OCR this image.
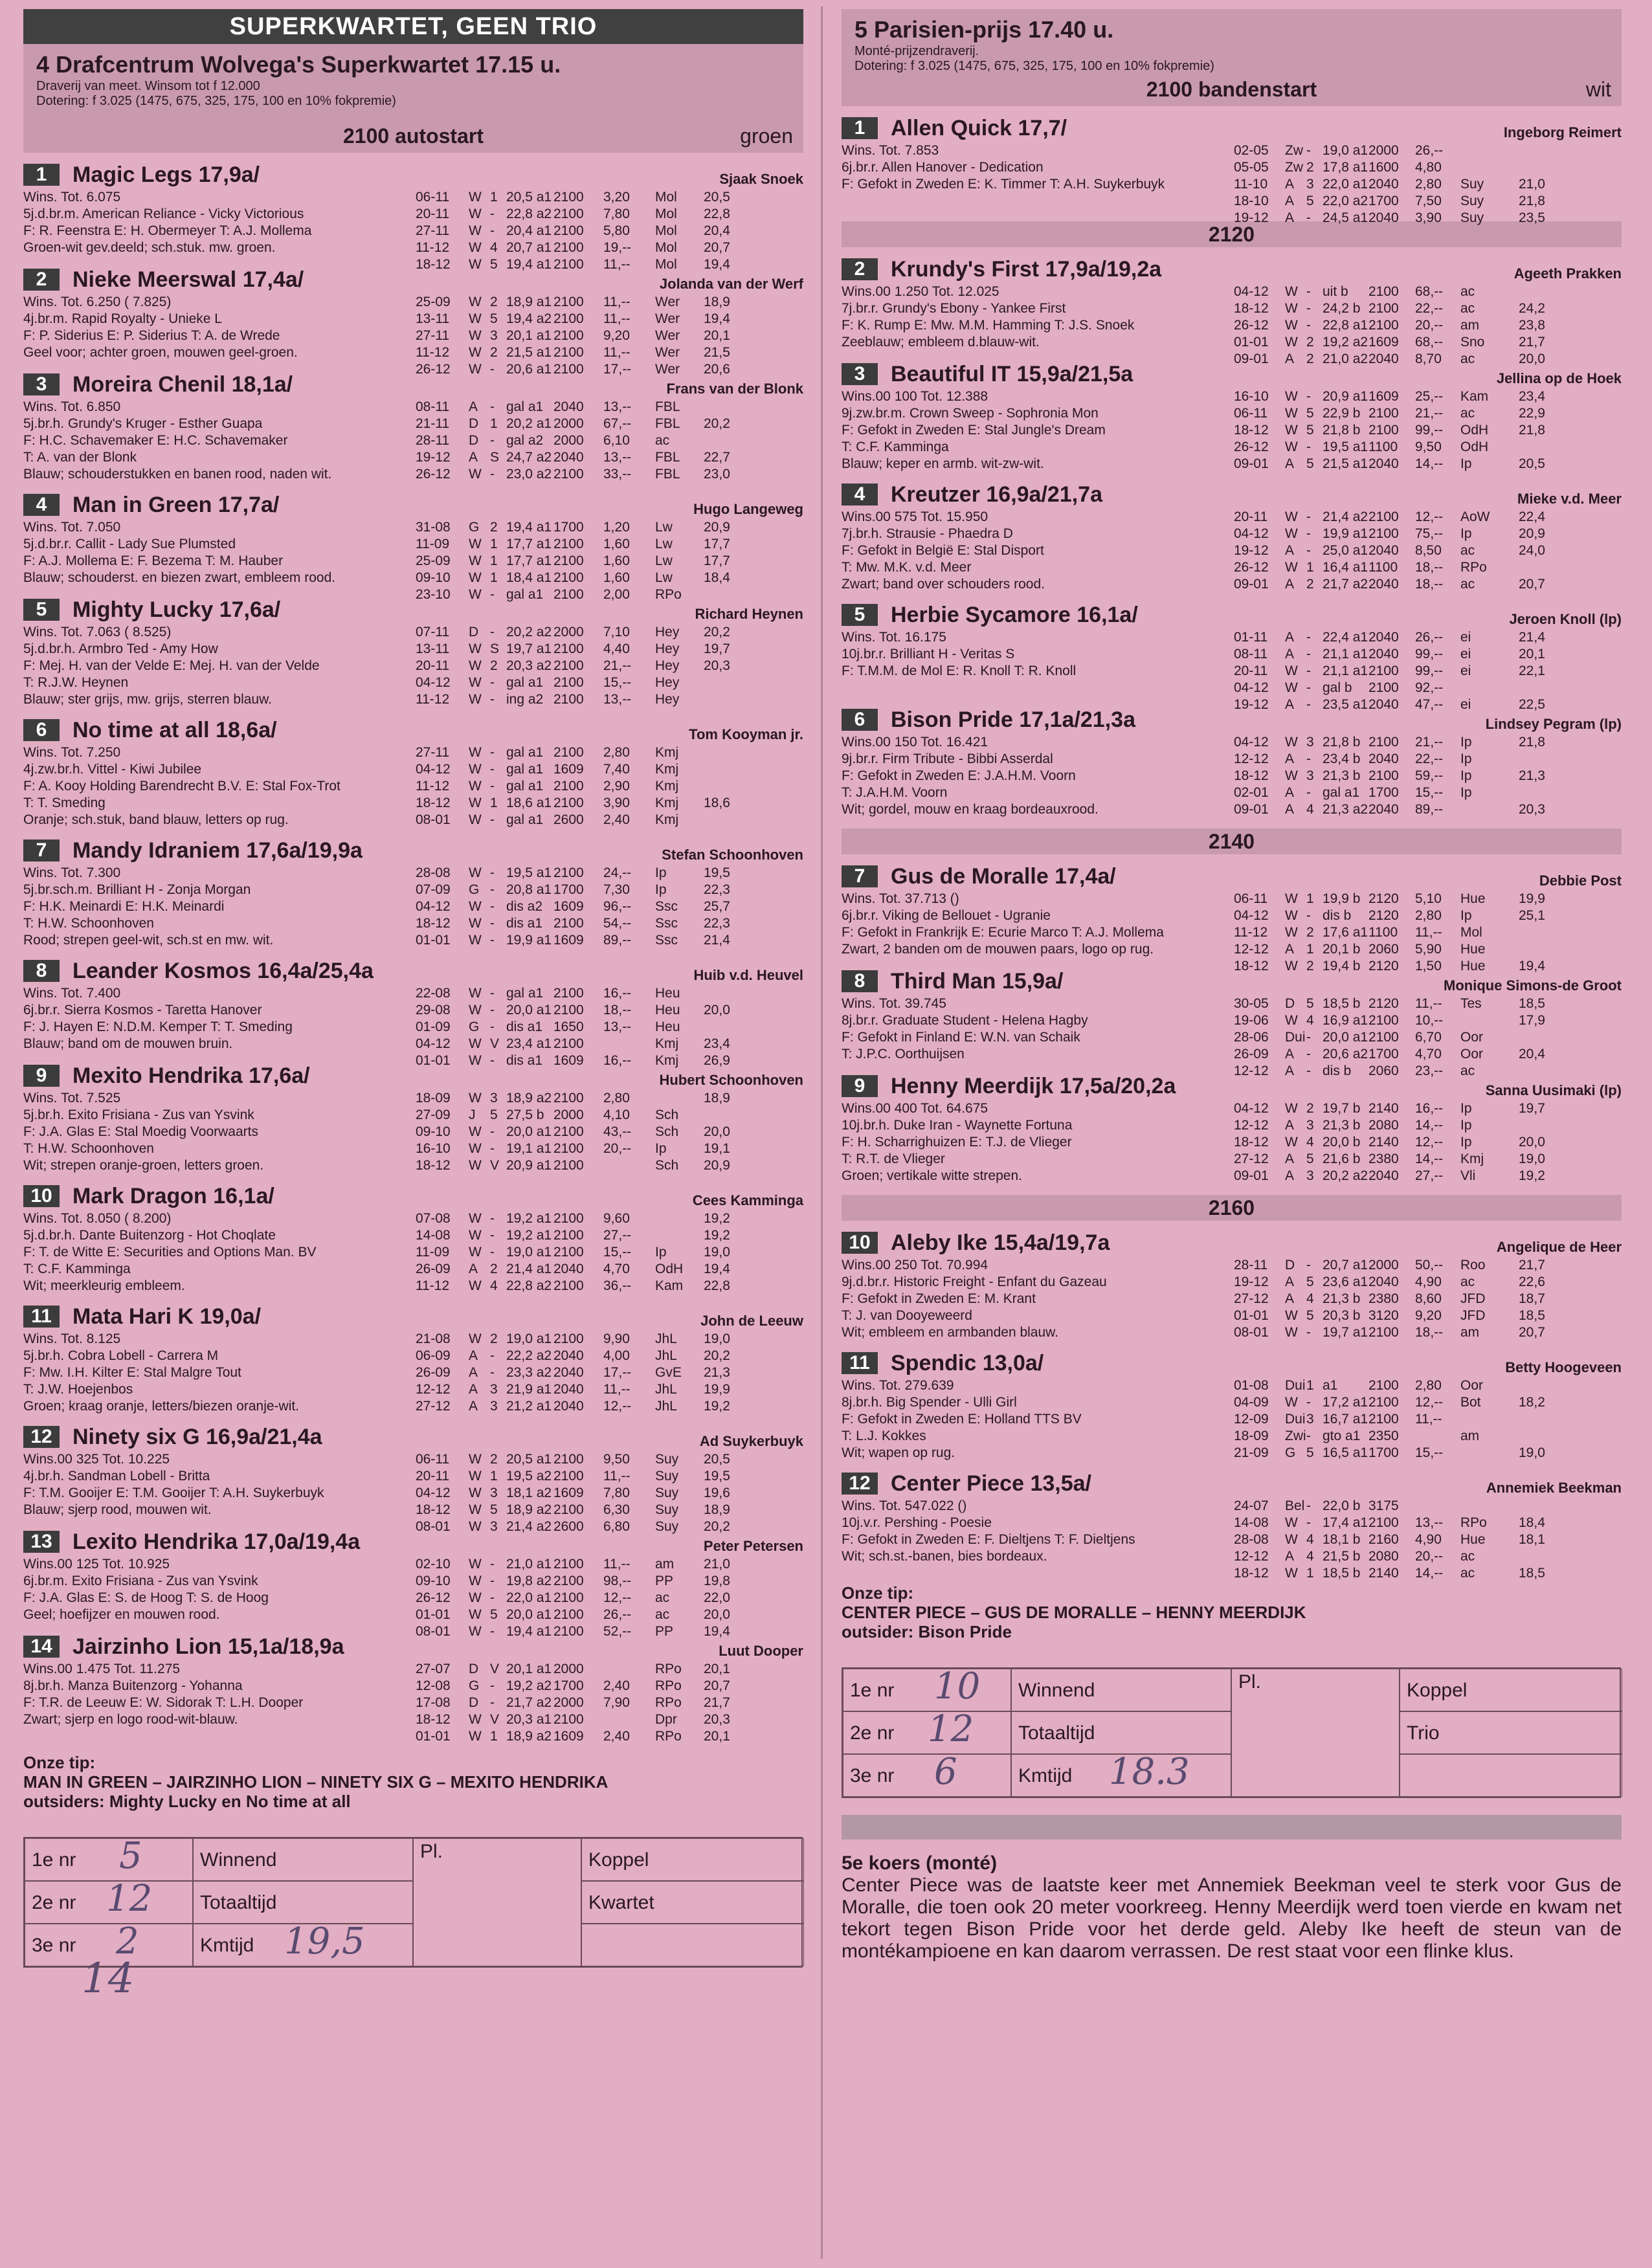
SUPERKWARTET, GEEN TRIO
4 Drafcentrum Wolvega's Superkwartet 17.15 u.
Draverij van meet. Winsom tot f 12.000
Dotering: f 3.025 (1475, 675, 325, 175, 100 en 10% fokpremie)
2100 autostart	groen
1 Magic Legs 17,9a/	Sjaak Snoek
Wins. Tot. 6.075
5j.d.br.m. American Reliance - Vicky Victorious
F: R. Feenstra E: H. Obermeyer T: A.J. Mollema
Groen-wit gev.deeld; sch.stuk. mw. groen.
06-11 W 1 20,5 a1 2100 3,20 Mol 20,5
20-11 W - 22,8 a2 2100 7,80 Mol 22,8
27-11 W - 20,4 a1 2100 5,80 Mol 20,4
11-12 W 4 20,7 a1 2100 19,-- Mol 20,7
18-12 W 5 19,4 a1 2100 11,-- Mol 19,4
2 Nieke Meerswal 17,4a/	Jolanda van der Werf
Wins. Tot. 6.250 ( 7.825)
4j.br.m. Rapid Royalty - Unieke L
F: P. Siderius E: P. Siderius T: A. de Wrede
Geel voor; achter groen, mouwen geel-groen.
25-09 W 2 18,9 a1 2100 11,-- Wer 18,9
13-11 W 5 19,4 a2 2100 11,-- Wer 19,4
27-11 W 3 20,1 a1 2100 9,20 Wer 20,1
11-12 W 2 21,5 a1 2100 11,-- Wer 21,5
26-12 W - 20,6 a1 2100 17,-- Wer 20,6
3 Moreira Chenil 18,1a/	Frans van der Blonk
Wins. Tot. 6.850
5j.br.h. Grundy's Kruger - Esther Guapa
F: H.C. Schavemaker E: H.C. Schavemaker
T: A. van der Blonk
Blauw; schouderstukken en banen rood, naden wit.
08-11 A - gal a1 2040 13,-- FBL
21-11 D 1 20,2 a1 2000 67,-- FBL 20,2
28-11 D - gal a2 2000 6,10 ac
19-12 A S 24,7 a2 2040 13,-- FBL 22,7
26-12 W - 23,0 a2 2100 33,-- FBL 23,0
4 Man in Green 17,7a/	Hugo Langeweg
Wins. Tot. 7.050
5j.d.br.r. Callit - Lady Sue Plumsted
F: A.J. Mollema E: F. Bezema T: M. Hauber
Blauw; schouderst. en biezen zwart, embleem rood.
31-08 G 2 19,4 a1 1700 1,20 Lw 20,9
11-09 W 1 17,7 a1 2100 1,60 Lw 17,7
25-09 W 1 17,7 a1 2100 1,60 Lw 17,7
09-10 W 1 18,4 a1 2100 1,60 Lw 18,4
23-10 W - gal a1 2100 2,00 RPo
5 Mighty Lucky 17,6a/	Richard Heynen
Wins. Tot. 7.063 ( 8.525)
5j.d.br.h. Armbro Ted - Amy How
F: Mej. H. van der Velde E: Mej. H. van der Velde
T: R.J.W. Heynen
Blauw; ster grijs, mw. grijs, sterren blauw.
07-11 D - 20,2 a2 2000 7,10 Hey 20,2
13-11 W S 19,7 a1 2100 4,40 Hey 19,7
20-11 W 2 20,3 a2 2100 21,-- Hey 20,3
04-12 W - gal a1 2100 15,-- Hey
11-12 W - ing a2 2100 13,-- Hey
6 No time at all 18,6a/	Tom Kooyman jr.
Wins. Tot. 7.250
4j.zw.br.h. Vittel - Kiwi Jubilee
F: A. Kooy Holding Barendrecht B.V. E: Stal Fox-Trot
T: T. Smeding
Oranje; sch.stuk, band blauw, letters op rug.
27-11 W - gal a1 2100 2,80 Kmj
04-12 W - gal a1 1609 7,40 Kmj
11-12 W - gal a1 2100 2,90 Kmj
18-12 W 1 18,6 a1 2100 3,90 Kmj 18,6
08-01 W - gal a1 2600 2,40 Kmj
7 Mandy Idraniem 17,6a/19,9a	Stefan Schoonhoven
Wins. Tot. 7.300
5j.br.sch.m. Brilliant H - Zonja Morgan
F: H.K. Meinardi E: H.K. Meinardi
T: H.W. Schoonhoven
Rood; strepen geel-wit, sch.st en mw. wit.
28-08 W - 19,5 a1 2100 24,-- Ip	19,5
07-09 G - 20,8 a1 1700 7,30 Ip	22,3
04-12 W - dis a2 1609 96,-- Ssc 25,7
18-12 W - dis a1 2100 54,-- Ssc 22,3
01-01 W - 19,9 a1 1609 89,-- Ssc 21,4
8 Leander Kosmos 16,4a/25,4a	Huib v.d. Heuvel
Wins. Tot. 7.400
6j.br.r. Sierra Kosmos - Taretta Hanover
F: J. Hayen E: N.D.M. Kemper T: T. Smeding
Blauw; band om de mouwen bruin.
22-08 W - gal a1 2100 16,-- Heu
29-08 W - 20,0 a1 2100 18,-- Heu 20,0
01-09 G - dis a1 1650 13,-- Heu
04-12 W V 23,4 a1 2100	Kmj 23,4
01-01 W - dis a1 1609 16,-- Kmj 26,9
9 Mexito Hendrika 17,6a/	Hubert Schoonhoven
Wins. Tot. 7.525
5j.br.h. Exito Frisiana - Zus van Ysvink
F: J.A. Glas E: Stal Moedig Voorwaarts
T: H.W. Schoonhoven
Wit; strepen oranje-groen, letters groen.
18-09 W 3 18,9 a2 2100 2,80	18,9
27-09 J 5 27,5 b 2000 4,10 Sch
09-10 W - 20,0 a1 2100 43,-- Sch 20,0
16-10 W - 19,1 a1 2100 20,-- Ip	19,1
18-12 W V 20,9 a1 2100	Sch 20,9
10 Mark Dragon 16,1a/	Cees Kamminga
Wins. Tot. 8.050 ( 8.200)
5j.d.br.h. Dante Buitenzorg - Hot Choqlate
F: T. de Witte E: Securities and Options Man. BV
T: C.F. Kamminga
Wit; meerkleurig embleem.
07-08 W - 19,2 a1 2100 9,60	19,2
14-08 W - 19,2 a1 2100 27,--	19,2
11-09 W - 19,0 a1 2100 15,-- Ip	19,0
26-09 A 2 21,4 a1 2040 4,70 OdH 19,4
11-12 W 4 22,8 a2 2100 36,-- Kam 22,8
11 Mata Hari K 19,0a/	John de Leeuw
Wins. Tot. 8.125
5j.br.h. Cobra Lobell - Carrera M
F: Mw. I.H. Kilter E: Stal Malgre Tout
T: J.W. Hoejenbos
Groen; kraag oranje, letters/biezen oranje-wit.
21-08 W 2 19,0 a1 2100 9,90 JhL 19,0
06-09 A - 22,2 a2 2040 4,00 JhL 20,2
26-09 A - 23,3 a2 2040 17,-- GvE 21,3
12-12 A 3 21,9 a1 2040 11,-- JhL 19,9
27-12 A 3 21,2 a1 2040 12,-- JhL 19,2
12 Ninety six G 16,9a/21,4a	Ad Suykerbuyk
Wins.00 325 Tot. 10.225
4j.br.h. Sandman Lobell - Britta
F: T.M. Gooijer E: T.M. Gooijer T: A.H. Suykerbuyk
Blauw; sjerp rood, mouwen wit.
06-11 W 2 20,5 a1 2100 9,50 Suy 20,5
20-11 W 1 19,5 a2 2100 11,-- Suy 19,5
04-12 W 3 18,1 a2 1609 7,80 Suy 19,6
18-12 W 5 18,9 a2 2100 6,30 Suy 18,9
08-01 W 3 21,4 a2 2600 6,80 Suy 20,2
13 Lexito Hendrika 17,0a/19,4a	Peter Petersen
Wins.00 125 Tot. 10.925
6j.br.m. Exito Frisiana - Zus van Ysvink
F: J.A. Glas E: S. de Hoog T: S. de Hoog
Geel; hoefijzer en mouwen rood.
02-10 W - 21,0 a1 2100 11,-- am 21,0
09-10 W - 19,8 a2 2100 98,-- PP 19,8
26-12 W - 22,0 a1 2100 12,-- ac	22,0
01-01 W 5 20,0 a1 2100 26,-- ac	20,0
08-01 W - 19,4 a1 2100 52,-- PP 19,4
14 Jairzinho Lion 15,1a/18,9a	Luut Dooper
Wins.00 1.475 Tot. 11.275
8j.br.h. Manza Buitenzorg - Yohanna
F: T.R. de Leeuw E: W. Sidorak T: L.H. Dooper
Zwart; sjerp en logo rood-wit-blauw.
27-07 D V 20,1 a1 2000	RPo 20,1
12-08 G - 19,2 a2 1700 2,40 RPo 20,7
17-08 D - 21,7 a2 2000 7,90 RPo 21,7
18-12 W V 20,3 a1 2100	Dpr 20,3
01-01 W 1 18,9 a2 1609 2,40 RPo 20,1
Onze tip:
MAN IN GREEN – JAIRZINHO LION – NINETY SIX G – MEXITO HENDRIKA
outsiders: Mighty Lucky en No time at all
1e nr 5	Winnend	Pl.	Koppel
2e nr 12	Totaaltijd	Kwartet
3e nr 2	Kmtijd 19,5
14
5 Parisien-prijs 17.40 u.
Monté-prijzendraverij.
Dotering: f 3.025 (1475, 675, 325, 175, 100 en 10% fokpremie)
2100 bandenstart	wit
1 Allen Quick 17,7/	Ingeborg Reimert
Wins. Tot. 7.853
6j.br.r. Allen Hanover - Dedication
F: Gefokt in Zweden E: K. Timmer T: A.H. Suykerbuyk
02-05 Zw - 19,0 a1 2000 26,--
05-05 Zw 2 17,8 a1 1600 4,80
11-10 A 3 22,0 a1 2040 2,80 Suy	21,0
18-10 A 5 22,0 a2 1700 7,50 Suy	21,8
19-12 A - 24,5 a1 2040 3,90 Suy	23,5
2120
2 Krundy's First 17,9a/19,2a	Ageeth Prakken
Wins.00 1.250 Tot. 12.025
7j.br.r. Grundy's Ebony - Yankee First
F: K. Rump E: Mw. M.M. Hamming T: J.S. Snoek
Zeeblauw; embleem d.blauw-wit.
04-12 W - uit b 2100 68,-- ac
18-12 W - 24,2 b 2100 22,-- ac	24,2
26-12 W - 22,8 a1 2100 20,-- am	23,8
01-01 W 2 19,2 a2 1609 68,-- Sno	21,7
09-01 A 2 21,0 a2 2040 8,70 ac	20,0
3 Beautiful IT 15,9a/21,5a	Jellina op de Hoek
Wins.00 100 Tot. 12.388
9j.zw.br.m. Crown Sweep - Sophronia Mon
F: Gefokt in Zweden E: Stal Jungle's Dream
T: C.F. Kamminga
Blauw; keper en armb. wit-zw-wit.
16-10 W - 20,9 a1 1609 25,-- Kam 23,4
06-11 W 5 22,9 b 2100 21,-- ac	22,9
18-12 W 5 21,8 b 2100 99,-- OdH 21,8
26-12 W - 19,5 a1 1100 9,50 OdH
09-01 A 5 21,5 a1 2040 14,-- Ip	20,5
4 Kreutzer 16,9a/21,7a	Mieke v.d. Meer
Wins.00 575 Tot. 15.950
7j.br.h. Strausie - Phaedra D
F: Gefokt in België E: Stal Disport
T: Mw. M.K. v.d. Meer
Zwart; band over schouders rood.
20-11 W - 21,4 a2 2100 12,-- AoW 22,4
04-12 W - 19,9 a1 2100 75,-- Ip	20,9
19-12 A - 25,0 a1 2040 8,50 ac	24,0
26-12 W 1 16,4 a1 1100 18,-- RPo
09-01 A 2 21,7 a2 2040 18,-- ac	20,7
5 Herbie Sycamore 16,1a/	Jeroen Knoll (lp)
Wins. Tot. 16.175
10j.br.r. Brilliant H - Veritas S
F: T.M.M. de Mol E: R. Knoll T: R. Knoll
01-11 A - 22,4 a1 2040 26,-- ei	21,4
08-11 A - 21,1 a1 2040 99,-- ei	20,1
20-11 W - 21,1 a1 2100 99,-- ei	22,1
04-12 W - gal b 2100 92,--
19-12 A - 23,5 a1 2040 47,-- ei	22,5
6 Bison Pride 17,1a/21,3a	Lindsey Pegram (lp)
Wins.00 150 Tot. 16.421
9j.br.r. Firm Tribute - Bibbi Asserdal
F: Gefokt in Zweden E: J.A.H.M. Voorn
T: J.A.H.M. Voorn
Wit; gordel, mouw en kraag bordeauxrood.
04-12 W 3 21,8 b 2100 21,-- Ip	21,8
12-12 A - 23,4 b 2040 22,-- Ip
18-12 W 3 21,3 b 2100 59,-- Ip	21,3
02-01 A - gal a1 1700 15,-- Ip
09-01 A 4 21,3 a2 2040 89,--	20,3
2140
7 Gus de Moralle 17,4a/	Debbie Post
Wins. Tot. 37.713 ()
6j.br.r. Viking de Bellouet - Ugranie
F: Gefokt in Frankrijk E: Ecurie Marco T: A.J. Mollema
Zwart, 2 banden om de mouwen paars, logo op rug.
06-11 W 1 19,9 b 2120 5,10 Hue 19,9
04-12 W - dis b 2120 2,80 Ip	25,1
11-12 W 2 17,6 a1 1100 11,-- Mol
12-12 A 1 20,1 b 2060 5,90 Hue
18-12 W 2 19,4 b 2120 1,50 Hue 19,4
8 Third Man 15,9a/	Monique Simons-de Groot
Wins. Tot. 39.745
8j.br.r. Graduate Student - Helena Hagby
F: Gefokt in Finland E: W.N. van Schaik
T: J.P.C. Oorthuijsen
30-05 D 5 18,5 b 2120 11,-- Tes	18,5
19-06 W 4 16,9 a1 2100 10,--	17,9
28-06 Dui - 20,0 a1 2100 6,70 Oor
26-09 A - 20,6 a2 1700 4,70 Oor	20,4
12-12 A - dis b 2060 23,-- ac
9 Henny Meerdijk 17,5a/20,2a	Sanna Uusimaki (lp)
Wins.00 400 Tot. 64.675
10j.br.h. Duke Iran - Waynette Fortuna
F: H. Scharrighuizen E: T.J. de Vlieger
T: R.T. de Vlieger
Groen; vertikale witte strepen.
04-12 W 2 19,7 b 2140 16,-- Ip	19,7
12-12 A 3 21,3 b 2080 14,-- Ip
18-12 W 4 20,0 b 2140 12,-- Ip	20,0
27-12 A 5 21,6 b 2380 14,-- Kmj	19,0
09-01 A 3 20,2 a2 2040 27,-- Vli	19,2
2160
10 Aleby Ike 15,4a/19,7a	Angelique de Heer
Wins.00 250 Tot. 70.994
9j.d.br.r. Historic Freight - Enfant du Gazeau
F: Gefokt in Zweden E: M. Krant
T: J. van Dooyeweerd
Wit; embleem en armbanden blauw.
28-11 D - 20,7 a1 2000 50,-- Roo 21,7
19-12 A 5 23,6 a1 2040 4,90 ac	22,6
27-12 A 4 21,3 b 2380 8,60 JFD 18,7
01-01 W 5 20,3 b 3120 9,20 JFD 18,5
08-01 W - 19,7 a1 2100 18,-- am	20,7
11 Spendic 13,0a/	Betty Hoogeveen
Wins. Tot. 279.639
8j.br.h. Big Spender - Ulli Girl
F: Gefokt in Zweden E: Holland TTS BV
T: L.J. Kokkes
Wit; wapen op rug.
01-08 Dui 1 a1 2100 2,80 Oor
04-09 W - 17,2 a1 2100 12,-- Bot	18,2
12-09 Dui 3 16,7 a1 2100 11,--
18-09 Zwi - gto a1 2350	am
21-09 G 5 16,5 a1 1700 15,--	19,0
12 Center Piece 13,5a/	Annemiek Beekman
Wins. Tot. 547.022 ()
10j.v.r. Pershing - Poesie
F: Gefokt in Zweden E: F. Dieltjens T: F. Dieltjens
Wit; sch.st.-banen, bies bordeaux.
24-07 Bel - 22,0 b 3175
14-08 W - 17,4 a1 2100 13,-- RPo 18,4
28-08 W 4 18,1 b 2160 4,90 Hue 18,1
12-12 A 4 21,5 b 2080 20,-- ac
18-12 W 1 18,5 b 2140 14,-- ac	18,5
Onze tip:
CENTER PIECE – GUS DE MORALLE – HENNY MEERDIJK
outsider: Bison Pride
1e nr 10	Winnend	Pl.	Koppel
2e nr 12	Totaaltijd	Trio
3e nr 6	Kmtijd 18.3
5e koers (monté)
Center Piece was de laatste keer met Annemiek Beekman veel te sterk voor Gus de Moralle, die toen ook 20 meter voorkreeg. Henny Meerdijk werd toen vierde en kwam net tekort tegen Bison Pride voor het derde geld. Aleby Ike heeft de steun van de montékampioene en kan daarom verrassen. De rest staat voor een flinke klus.
